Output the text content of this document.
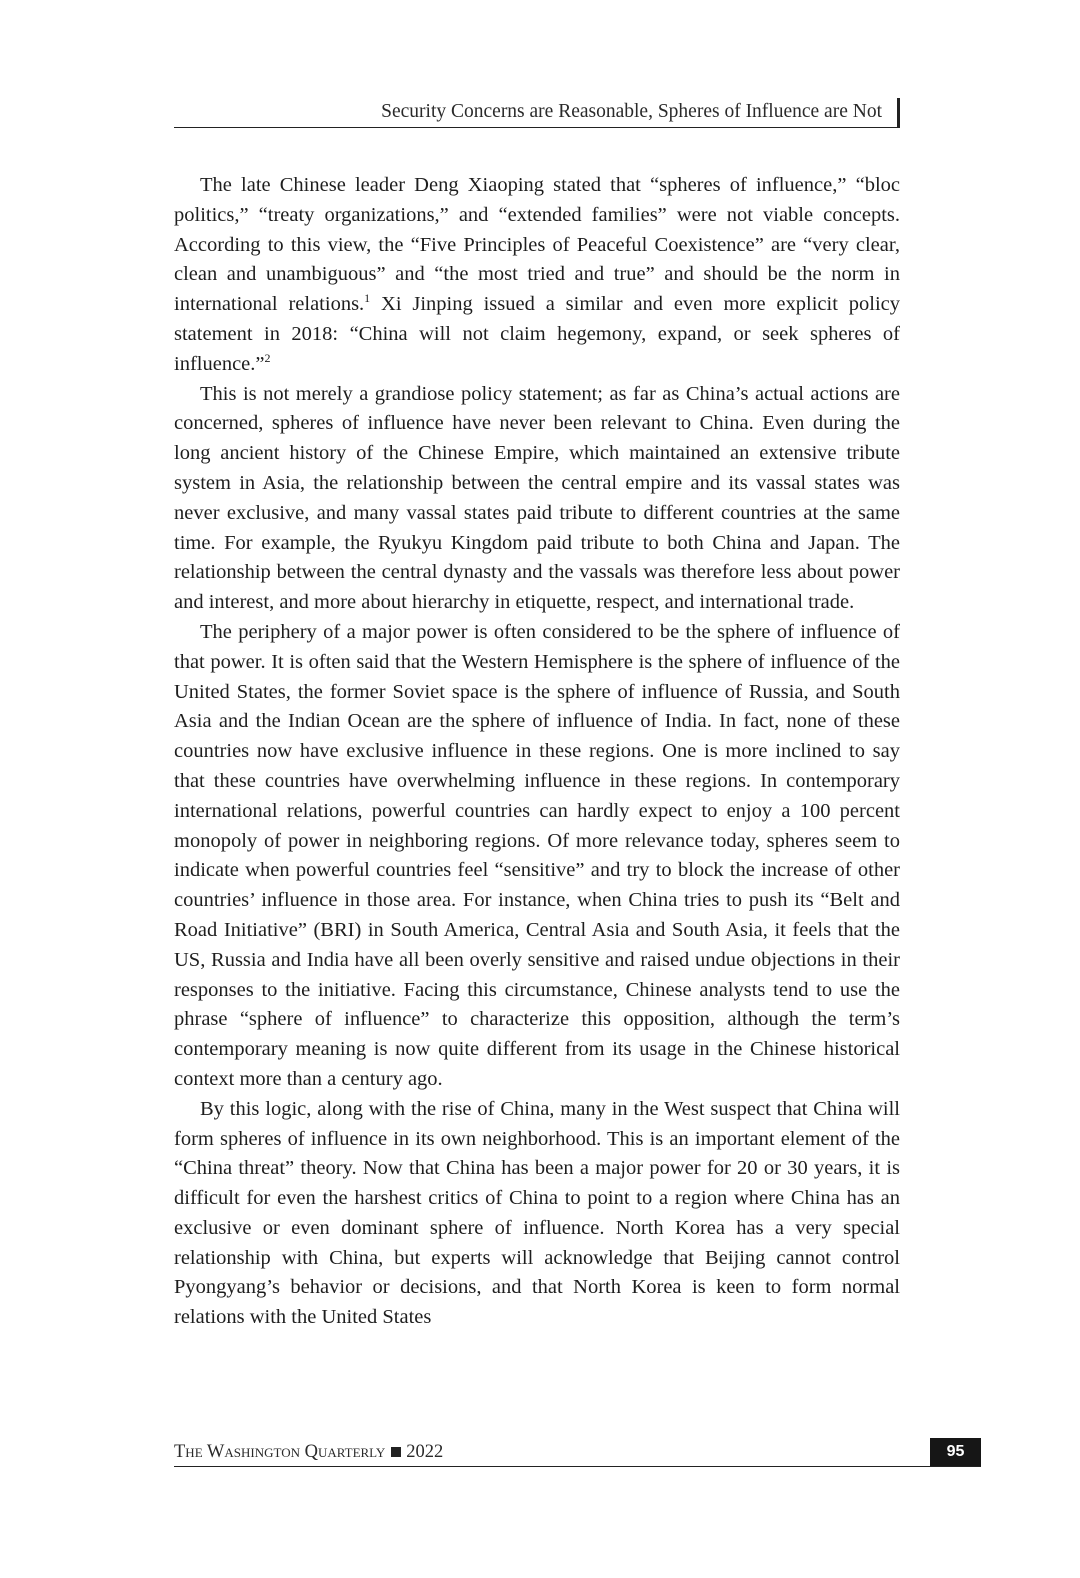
Security Concerns are Reasonable, Spheres of Influence are Not

The late Chinese leader Deng Xiaoping stated that “spheres of influence,” “bloc politics,” “treaty organizations,” and “extended families” were not viable concepts. According to this view, the “Five Principles of Peaceful Coexistence” are “very clear, clean and unambiguous” and “the most tried and true” and should be the norm in international relations.$^1$ Xi Jinping issued a similar and even more explicit policy statement in 2018: “China will not claim hegemony, expand, or seek spheres of influence.”$^2$

This is not merely a grandiose policy statement; as far as China’s actual actions are concerned, spheres of influence have never been relevant to China. Even during the long ancient history of the Chinese Empire, which maintained an extensive tribute system in Asia, the relationship between the central empire and its vassal states was never exclusive, and many vassal states paid tribute to different countries at the same time. For example, the Ryukyu Kingdom paid tribute to both China and Japan. The relationship between the central dynasty and the vassals was therefore less about power and interest, and more about hierarchy in etiquette, respect, and international trade.

The periphery of a major power is often considered to be the sphere of influence of that power. It is often said that the Western Hemisphere is the sphere of influence of the United States, the former Soviet space is the sphere of influence of Russia, and South Asia and the Indian Ocean are the sphere of influence of India. In fact, none of these countries now have exclusive influence in these regions. One is more inclined to say that these countries have overwhelming influence in these regions. In contemporary international relations, powerful countries can hardly expect to enjoy a 100 percent monopoly of power in neighboring regions. Of more relevance today, spheres seem to indicate when powerful countries feel “sensitive” and try to block the increase of other countries’ influence in those area. For instance, when China tries to push its “Belt and Road Initiative” (BRI) in South America, Central Asia and South Asia, it feels that the US, Russia and India have all been overly sensitive and raised undue objections in their responses to the initiative. Facing this circumstance, Chinese analysts tend to use the phrase “sphere of influence” to characterize this opposition, although the term’s contemporary meaning is now quite different from its usage in the Chinese historical context more than a century ago.

By this logic, along with the rise of China, many in the West suspect that China will form spheres of influence in its own neighborhood. This is an important element of the “China threat” theory. Now that China has been a major power for 20 or 30 years, it is difficult for even the harshest critics of China to point to a region where China has an exclusive or even dominant sphere of influence. North Korea has a very special relationship with China, but experts will acknowledge that Beijing cannot control Pyongyang’s behavior or decisions, and that North Korea is keen to form normal relations with the United States

The Washington Quarterly 2022	95
